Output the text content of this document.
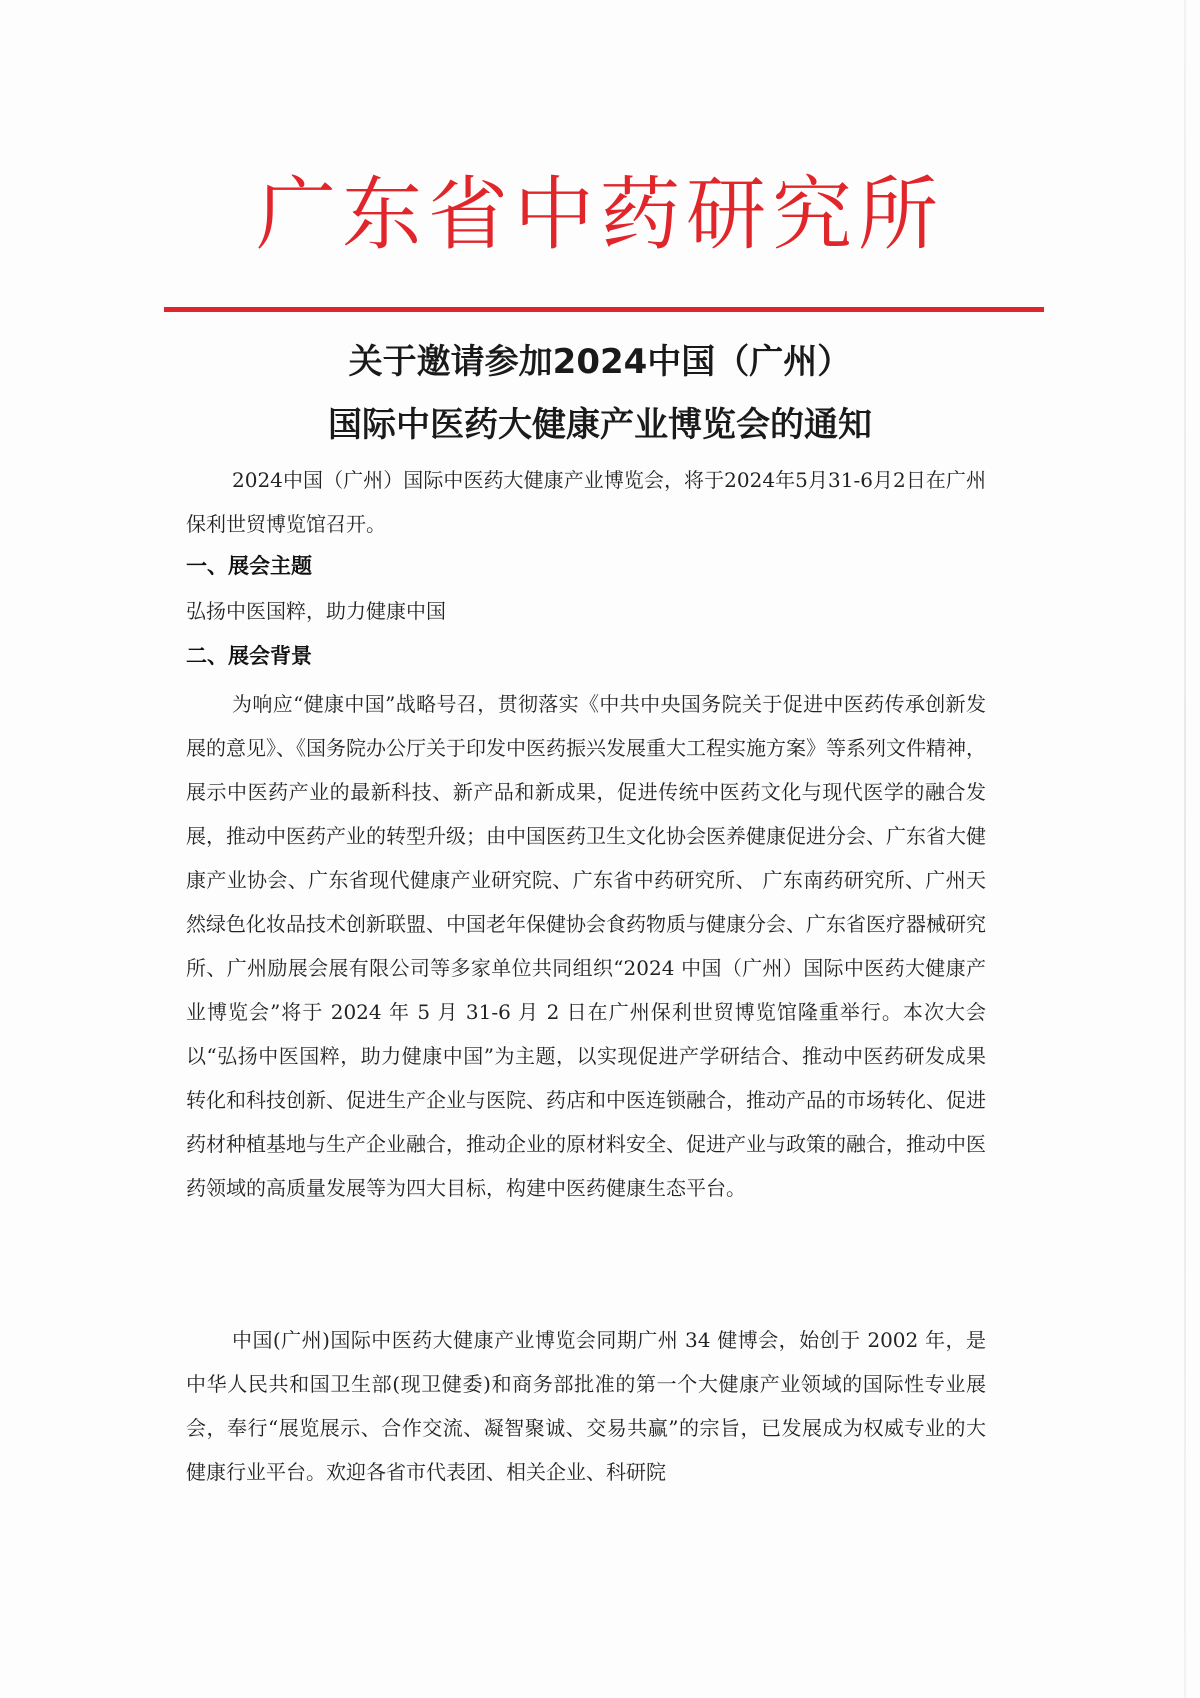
广东省中药研究所
关于邀请参加2024中国（广州）
国际中医药大健康产业博览会的通知
2024中国（广州）国际中医药大健康产业博览会，将于2024年5月31-6月2日在广州保利世贸博览馆召开。
一、展会主题
弘扬中医国粹，助力健康中国
二、展会背景
为响应“健康中国”战略号召，贯彻落实《中共中央国务院关于促进中医药传承创新发展的意见》、《国务院办公厅关于印发中医药振兴发展重大工程实施方案》等系列文件精神，展示中医药产业的最新科技、新产品和新成果，促进传统中医药文化与现代医学的融合发展，推动中医药产业的转型升级；由中国医药卫生文化协会医养健康促进分会、广东省大健康产业协会、广东省现代健康产业研究院、广东省中药研究所、 广东南药研究所、广州天然绿色化妆品技术创新联盟、中国老年保健协会食药物质与健康分会、广东省医疗器械研究所、广州励展会展有限公司等多家单位共同组织“2024 中国（广州）国际中医药大健康产业博览会”将于 2024 年 5 月 31-6 月 2 日在广州保利世贸博览馆隆重举行。本次大会以“弘扬中医国粹，助力健康中国”为主题，以实现促进产学研结合、推动中医药研发成果转化和科技创新、促进生产企业与医院、药店和中医连锁融合，推动产品的市场转化、促进药材种植基地与生产企业融合，推动企业的原材料安全、促进产业与政策的融合，推动中医药领域的高质量发展等为四大目标，构建中医药健康生态平台。
中国(广州)国际中医药大健康产业博览会同期广州 34 健博会，始创于 2002 年，是中华人民共和国卫生部(现卫健委)和商务部批准的第一个大健康产业领域的国际性专业展会，奉行“展览展示、合作交流、凝智聚诚、交易共赢”的宗旨，已发展成为权威专业的大健康行业平台。欢迎各省市代表团、相关企业、科研院
